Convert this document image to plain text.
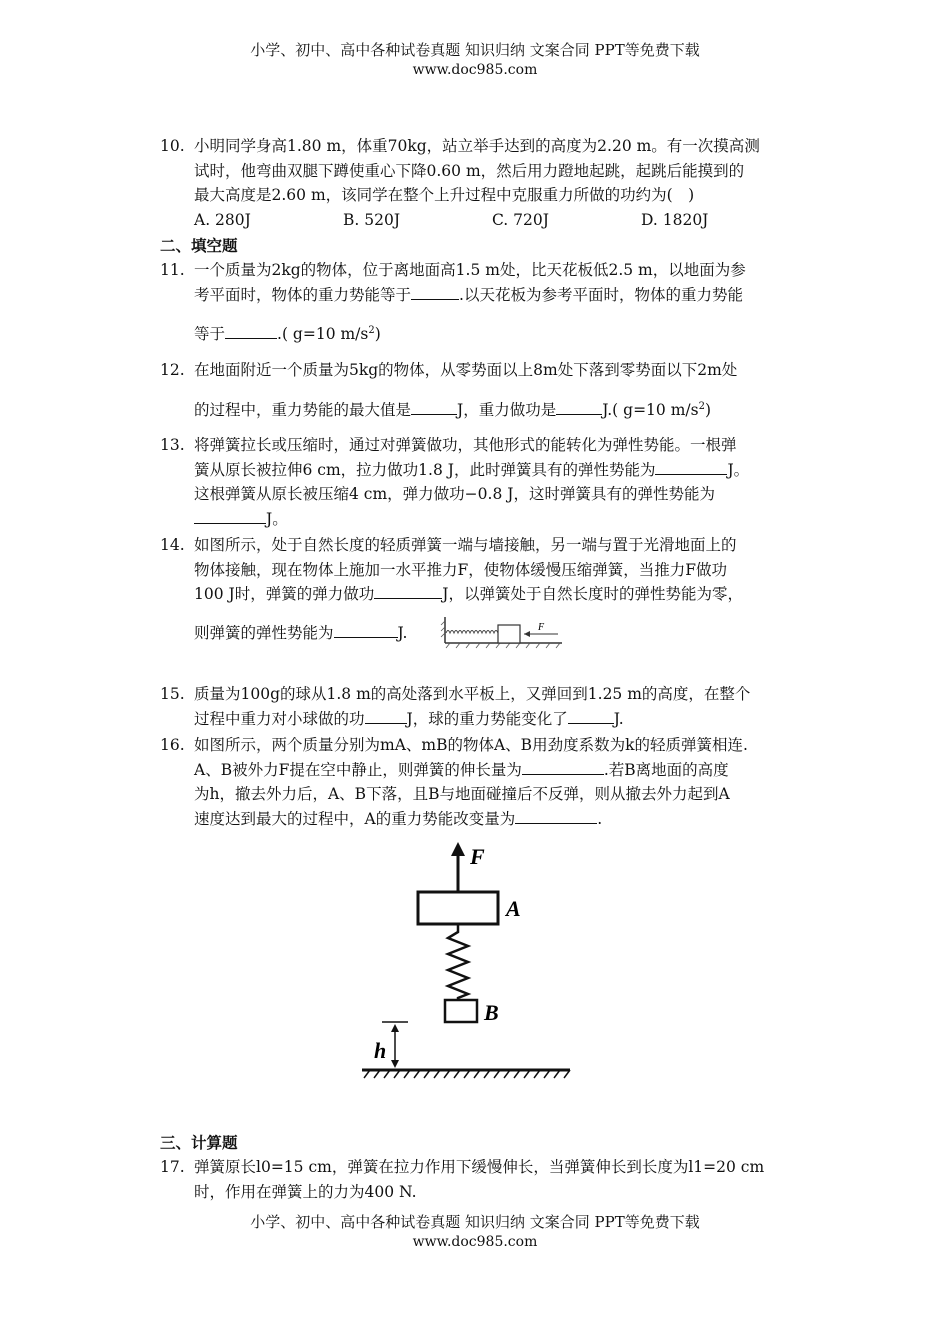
小学、初中、高中各种试卷真题 知识归纳 文案合同 PPT等免费下载
www.doc985.com
10. 小明同学身高1.80 m，体重70kg，站立举手达到的高度为2.20 m。有一次摸高测
试时，他弯曲双腿下蹲使重心下降0.60 m，然后用力蹬地起跳，起跳后能摸到的
最大高度是2.60 m，该同学在整个上升过程中克服重力所做的功约为(　)
A. 280J	B. 520J	C. 720J	D. 1820J
二、填空题
11. 一个质量为2kg的物体，位于离地面高1.5 m处，比天花板低2.5 m，以地面为参
考平面时，物体的重力势能等于	.以天花板为参考平面时，物体的重力势能
等于	.( g=10 $m/s^2$)
12. 在地面附近一个质量为5kg的物体，从零势面以上8m处下落到零势面以下2m处
的过程中，重力势能的最大值是	J，重力做功是	J.( g=10 $m/s^2$)
13. 将弹簧拉长或压缩时，通过对弹簧做功，其他形式的能转化为弹性势能。一根弹
簧从原长被拉伸6 cm，拉力做功1.8 J，此时弹簧具有的弹性势能为	J。
这根弹簧从原长被压缩4 cm，弹力做功−0.8 J，这时弹簧具有的弹性势能为
J。
14. 如图所示，处于自然长度的轻质弹簧一端与墙接触，另一端与置于光滑地面上的
物体接触，现在物体上施加一水平推力F，使物体缓慢压缩弹簧，当推力F做功
100 J时，弹簧的弹力做功	J，以弹簧处于自然长度时的弹性势能为零，
则弹簧的弹性势能为	J.	F
15. 质量为100g的球从1.8 m的高处落到水平板上，又弹回到1.25 m的高度，在整个
过程中重力对小球做的功	J，球的重力势能变化了	J.
16. 如图所示，两个质量分别为mA、mB的物体A、B用劲度系数为k的轻质弹簧相连.
A、B被外力F提在空中静止，则弹簧的伸长量为	.若B离地面的高度
为h，撤去外力后，A、B下落，且B与地面碰撞后不反弹，则从撤去外力起到A
速度达到最大的过程中，A的重力势能改变量为	.
F
A
B
h
三、计算题
17. 弹簧原长l0=15 cm，弹簧在拉力作用下缓慢伸长，当弹簧伸长到长度为l1=20 cm
时，作用在弹簧上的力为400 N.
小学、初中、高中各种试卷真题 知识归纳 文案合同 PPT等免费下载
www.doc985.com
